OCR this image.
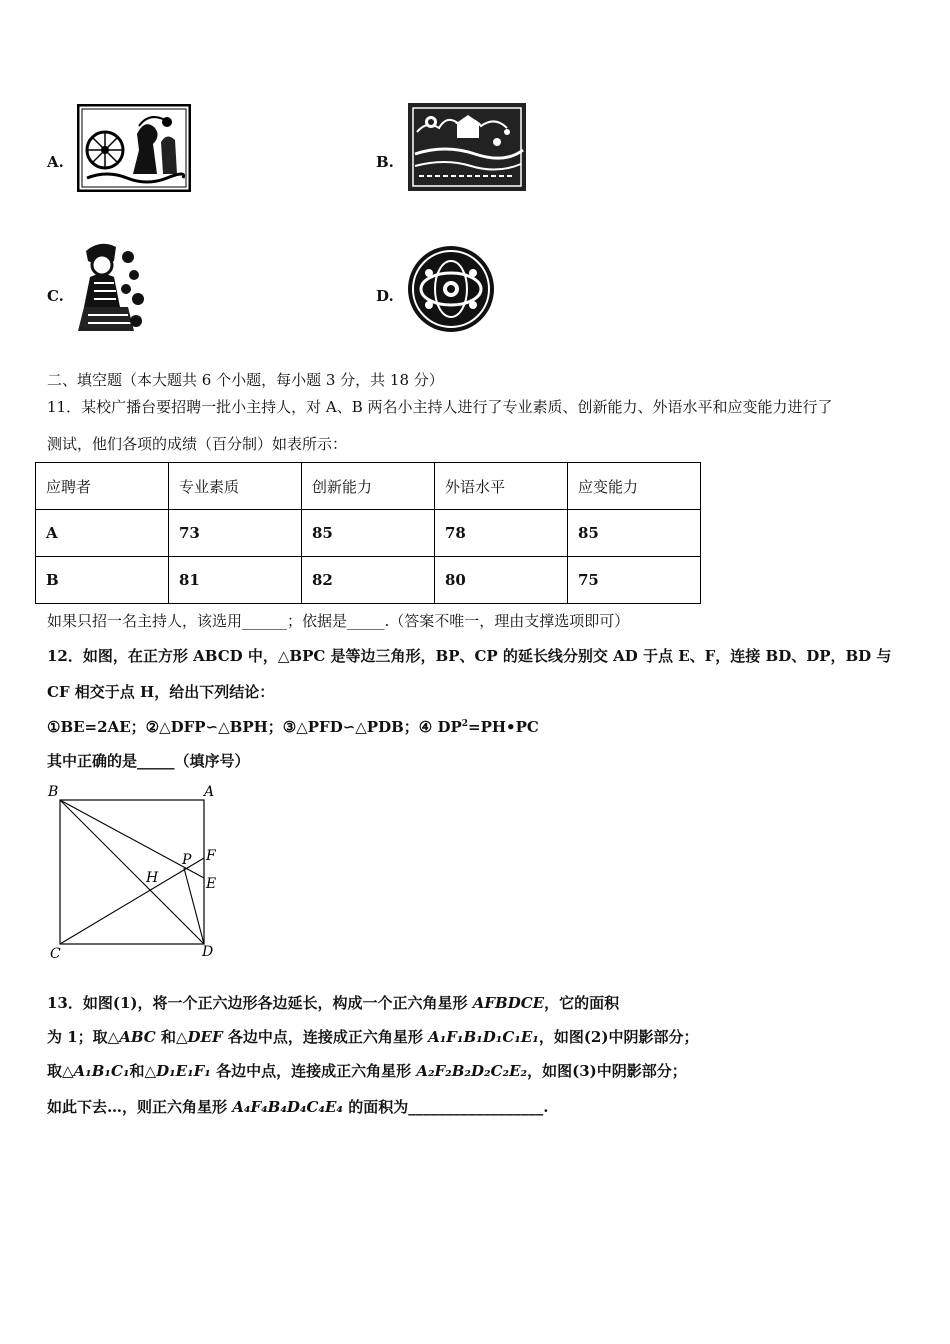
A.	B.
C.	D.
二、填空题（本大题共 6 个小题，每小题 3 分，共 18 分）
11．某校广播台要招聘一批小主持人，对 A、B 两名小主持人进行了专业素质、创新能力、外语水平和应变能力进行了
测试，他们各项的成绩（百分制）如表所示：
应聘者	专业素质	创新能力	外语水平	应变能力
A	73	85	78	85
B	81	82	80	75
如果只招一名主持人，该选用______；依据是_____.（答案不唯一，理由支撑选项即可）
12．如图，在正方形 ABCD 中，△BPC 是等边三角形，BP、CP 的延长线分别交 AD 于点 E、F，连接 BD、DP，BD 与
CF 相交于点 H，给出下列结论：
①BE=2AE；②△DFP∽△BPH；③△PFD∽△PDB；④ $DP^2=PH•PC$
其中正确的是_____（填序号）
B	A
P F
H	E
C	D
13．如图(1)，将一个正六边形各边延长，构成一个正六角星形 AFBDCE，它的面积
为 1；取△ABC 和△DEF 各边中点，连接成正六角星形 A₁F₁B₁D₁C₁E₁，如图(2)中阴影部分；
取△A₁B₁C₁和△D₁E₁F₁ 各边中点，连接成正六角星形 A₂F₂B₂D₂C₂E₂，如图(3)中阴影部分；
如此下去…，则正六角星形 A₄F₄B₄D₄C₄E₄ 的面积为__________________.
